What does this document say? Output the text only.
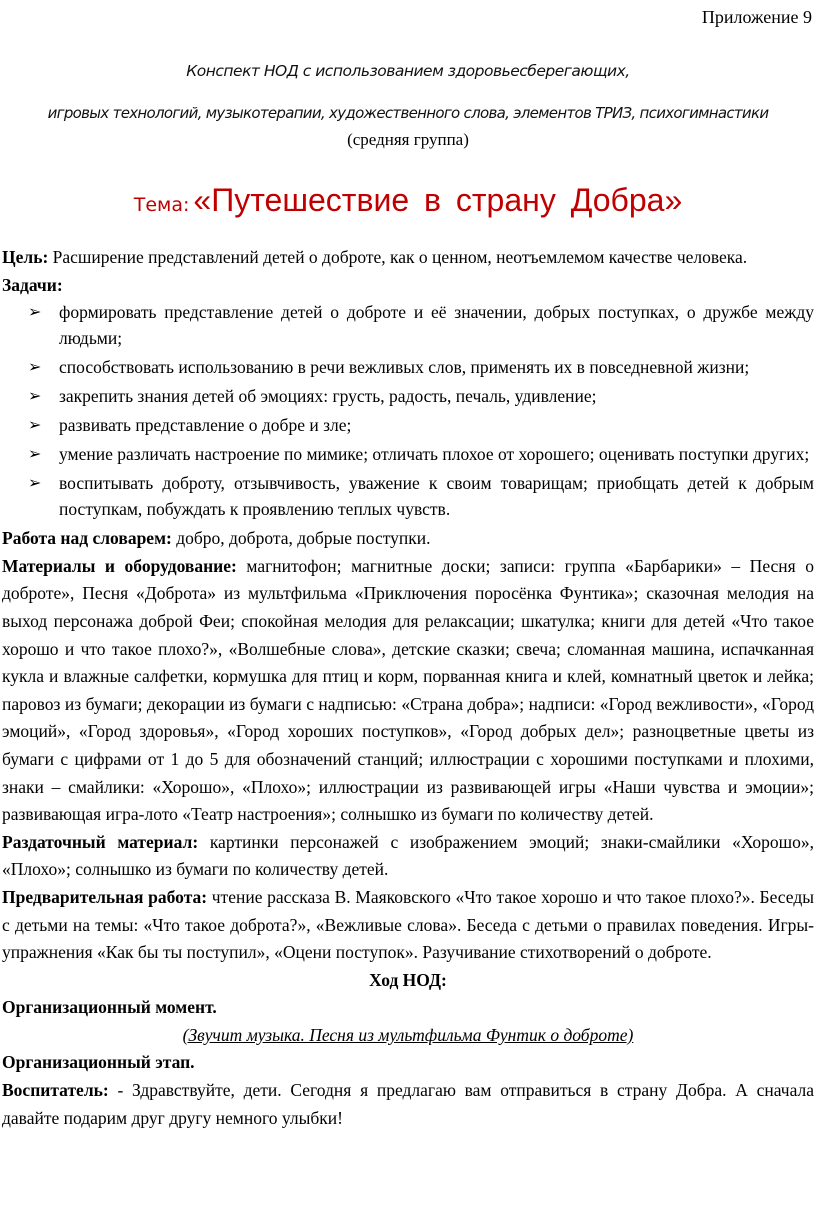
Приложение 9
Конспект НОД с использованием здоровьесберегающих,
игровых технологий, музыкотерапии, художественного слова, элементов ТРИЗ, психогимнастики
(средняя группа)
Тема: «Путешествие в страну Добра»

Цель: Расширение представлений детей о доброте, как о ценном, неотъемлемом качестве человека.

Задачи:

➢ формировать представление детей о доброте и её значении, добрых поступках, о дружбе между людьми;
➢ способствовать использованию в речи вежливых слов, применять их в повседневной жизни;
➢ закрепить знания детей об эмоциях: грусть, радость, печаль, удивление;
➢ развивать представление о добре и зле;
➢ умение различать настроение по мимике; отличать плохое от хорошего; оценивать поступки других;
➢ воспитывать доброту, отзывчивость, уважение к своим товарищам; приобщать детей к добрым поступкам, побуждать к проявлению теплых чувств.

Работа над словарем: добро, доброта, добрые поступки.

Материалы и оборудование: магнитофон; магнитные доски; записи: группа «Барбарики» – Песня о доброте», Песня «Доброта» из мультфильма «Приключения поросёнка Фунтика»; сказочная мелодия на выход персонажа доброй Феи; спокойная мелодия для релаксации; шкатулка; книги для детей «Что такое хорошо и что такое плохо?», «Волшебные слова», детские сказки; свеча; сломанная машина, испачканная кукла и влажные салфетки, кормушка для птиц и корм, порванная книга и клей, комнатный цветок и лейка; паровоз из бумаги; декорации из бумаги с надписью: «Страна добра»; надписи: «Город вежливости», «Город эмоций», «Город здоровья», «Город хороших поступков», «Город добрых дел»; разноцветные цветы из бумаги с цифрами от 1 до 5 для обозначений станций; иллюстрации с хорошими поступками и плохими, знаки – смайлики: «Хорошо», «Плохо»; иллюстрации из развивающей игры «Наши чувства и эмоции»; развивающая игра-лото «Театр настроения»; солнышко из бумаги по количеству детей.

Раздаточный материал: картинки персонажей с изображением эмоций; знаки-смайлики «Хорошо», «Плохо»; солнышко из бумаги по количеству детей.

Предварительная работа: чтение рассказа В. Маяковского «Что такое хорошо и что такое плохо?». Беседы с детьми на темы: «Что такое доброта?», «Вежливые слова». Беседа с детьми о правилах поведения. Игры-упражнения «Как бы ты поступил», «Оцени поступок». Разучивание стихотворений о доброте.

Ход НОД:

Организационный момент.

(Звучит музыка. Песня из мультфильма Фунтик о доброте)

Организационный этап.

Воспитатель: - Здравствуйте, дети. Сегодня я предлагаю вам отправиться в страну Добра. А сначала давайте подарим друг другу немного улыбки!
